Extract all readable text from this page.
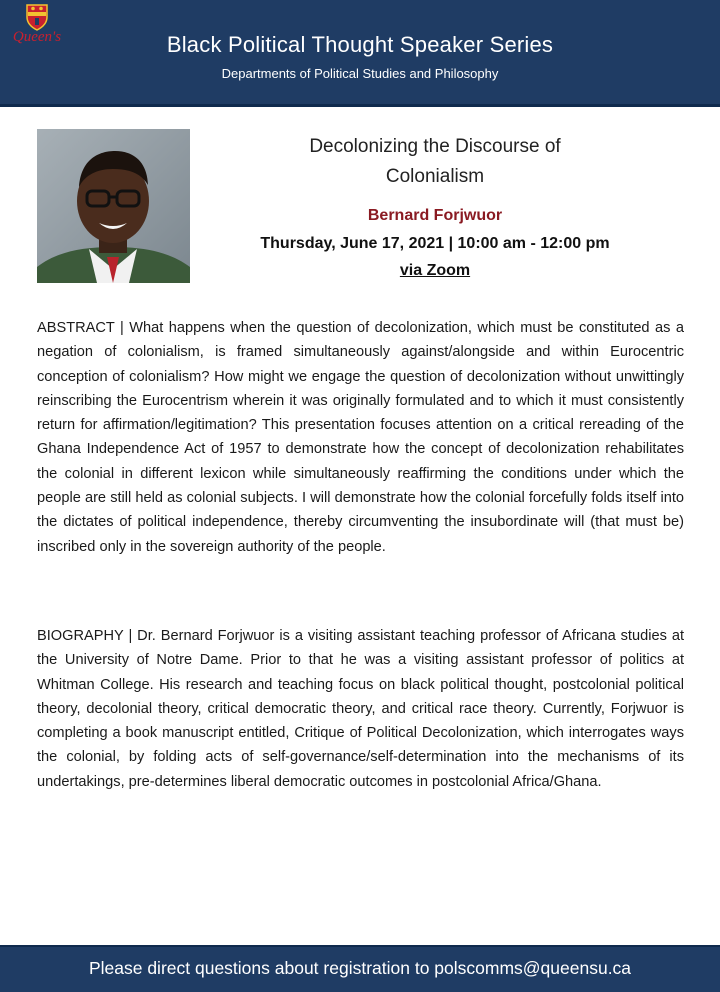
Queen's	Black Political Thought Speaker Series
Departments of Political Studies and Philosophy
Decolonizing the Discourse of
Colonialism
Bernard Forjwuor
Thursday, June 17, 2021 | 10:00 am - 12:00 pm
via Zoom

ABSTRACT | What happens when the question of decolonization, which must be constituted as a negation of colonialism, is framed simultaneously against/alongside and within Eurocentric conception of colonialism? How might we engage the question of decolonization without unwittingly reinscribing the Eurocentrism wherein it was originally formulated and to which it must consistently return for affirmation/legitimation? This presentation focuses attention on a critical rereading of the Ghana Independence Act of 1957 to demonstrate how the concept of decolonization rehabilitates the colonial in different lexicon while simultaneously reaffirming the conditions under which the people are still held as colonial subjects. I will demonstrate how the colonial forcefully folds itself into the dictates of political independence, thereby circumventing the insubordinate will (that must be) inscribed only in the sovereign authority of the people.

BIOGRAPHY | Dr. Bernard Forjwuor is a visiting assistant teaching professor of Africana studies at the University of Notre Dame. Prior to that he was a visiting assistant professor of politics at Whitman College. His research and teaching focus on black political thought, postcolonial political theory, decolonial theory, critical democratic theory, and critical race theory. Currently, Forjwuor is completing a book manuscript entitled, Critique of Political Decolonization, which interrogates ways the colonial, by folding acts of self-governance/self-determination into the mechanisms of its undertakings, pre-determines liberal democratic outcomes in postcolonial Africa/Ghana.

Please direct questions about registration to polscomms@queensu.ca
